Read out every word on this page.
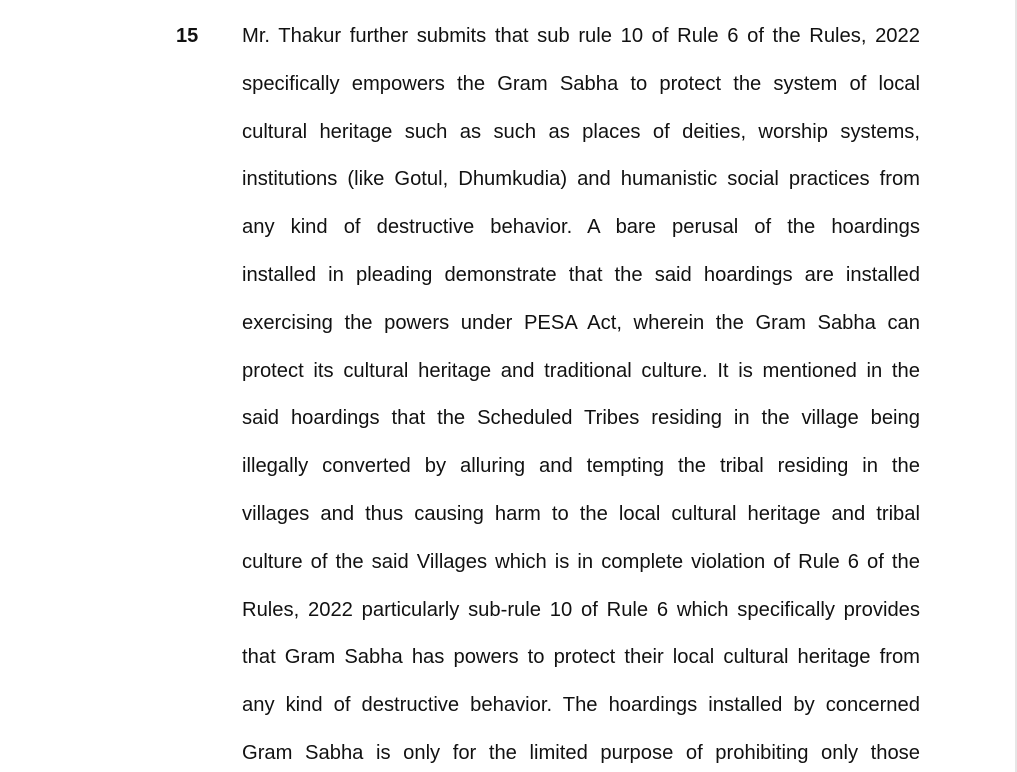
15 Mr. Thakur further submits that sub rule 10 of Rule 6 of the Rules, 2022
specifically empowers the Gram Sabha to protect the system of local
cultural heritage such as such as places of deities, worship systems,
institutions (like Gotul, Dhumkudia) and humanistic social practices from
any kind of destructive behavior. A bare perusal of the hoardings
installed in pleading demonstrate that the said hoardings are installed
exercising the powers under PESA Act, wherein the Gram Sabha can
protect its cultural heritage and traditional culture. It is mentioned in the
said hoardings that the Scheduled Tribes residing in the village being
illegally converted by alluring and tempting the tribal residing in the
villages and thus causing harm to the local cultural heritage and tribal
culture of the said Villages which is in complete violation of Rule 6 of the
Rules, 2022 particularly sub-rule 10 of Rule 6 which specifically provides
that Gram Sabha has powers to protect their local cultural heritage from
any kind of destructive behavior. The hoardings installed by concerned
Gram Sabha is only for the limited purpose of prohibiting only those
